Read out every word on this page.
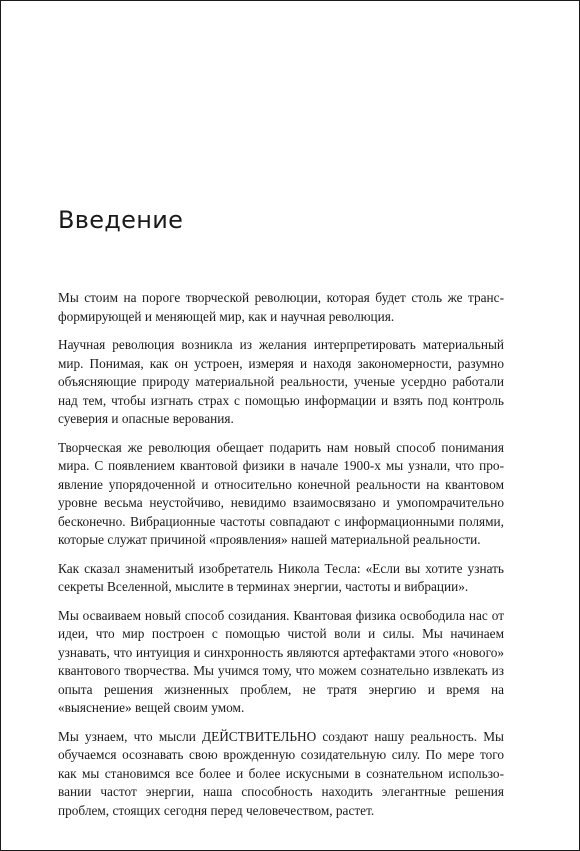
Введение

Мы стоим на пороге творческой революции, которая будет столь же трансформирующей и меняющей мир, как и научная революция.

Научная революция возникла из желания интерпретировать материальный мир. Понимая, как он устроен, измеряя и находя закономерности, разумно объясняющие природу материальной реальности, ученые усердно работали над тем, чтобы изгнать страх с помощью информации и взять под контроль суеверия и опасные верования.

Творческая же революция обещает подарить нам новый способ понимания мира. С появлением квантовой физики в начале 1900-х мы узнали, что проявление упорядоченной и относительно конечной реальности на квантовом уровне весьма неустойчиво, невидимо взаимосвязано и умопомрачительно бесконечно. Вибрационные частоты совпадают с информационными полями, которые служат причиной «проявления» нашей материальной реальности.

Как сказал знаменитый изобретатель Никола Тесла: «Если вы хотите узнать секреты Вселенной, мыслите в терминах энергии, частоты и вибрации».

Мы осваиваем новый способ созидания. Квантовая физика освободила нас от идеи, что мир построен с помощью чистой воли и силы. Мы начинаем узнавать, что интуиция и синхронность являются артефактами этого «нового» квантового творчества. Мы учимся тому, что можем сознательно извлекать из опыта решения жизненных проблем, не тратя энергию и время на «выяснение» вещей своим умом.

Мы узнаем, что мысли ДЕЙСТВИТЕЛЬНО создают нашу реальность. Мы обучаемся осознавать свою врожденную созидательную силу. По мере того как мы становимся все более и более искусными в сознательном использовании частот энергии, наша способность находить элегантные решения проблем, стоящих сегодня перед человечеством, растет.
